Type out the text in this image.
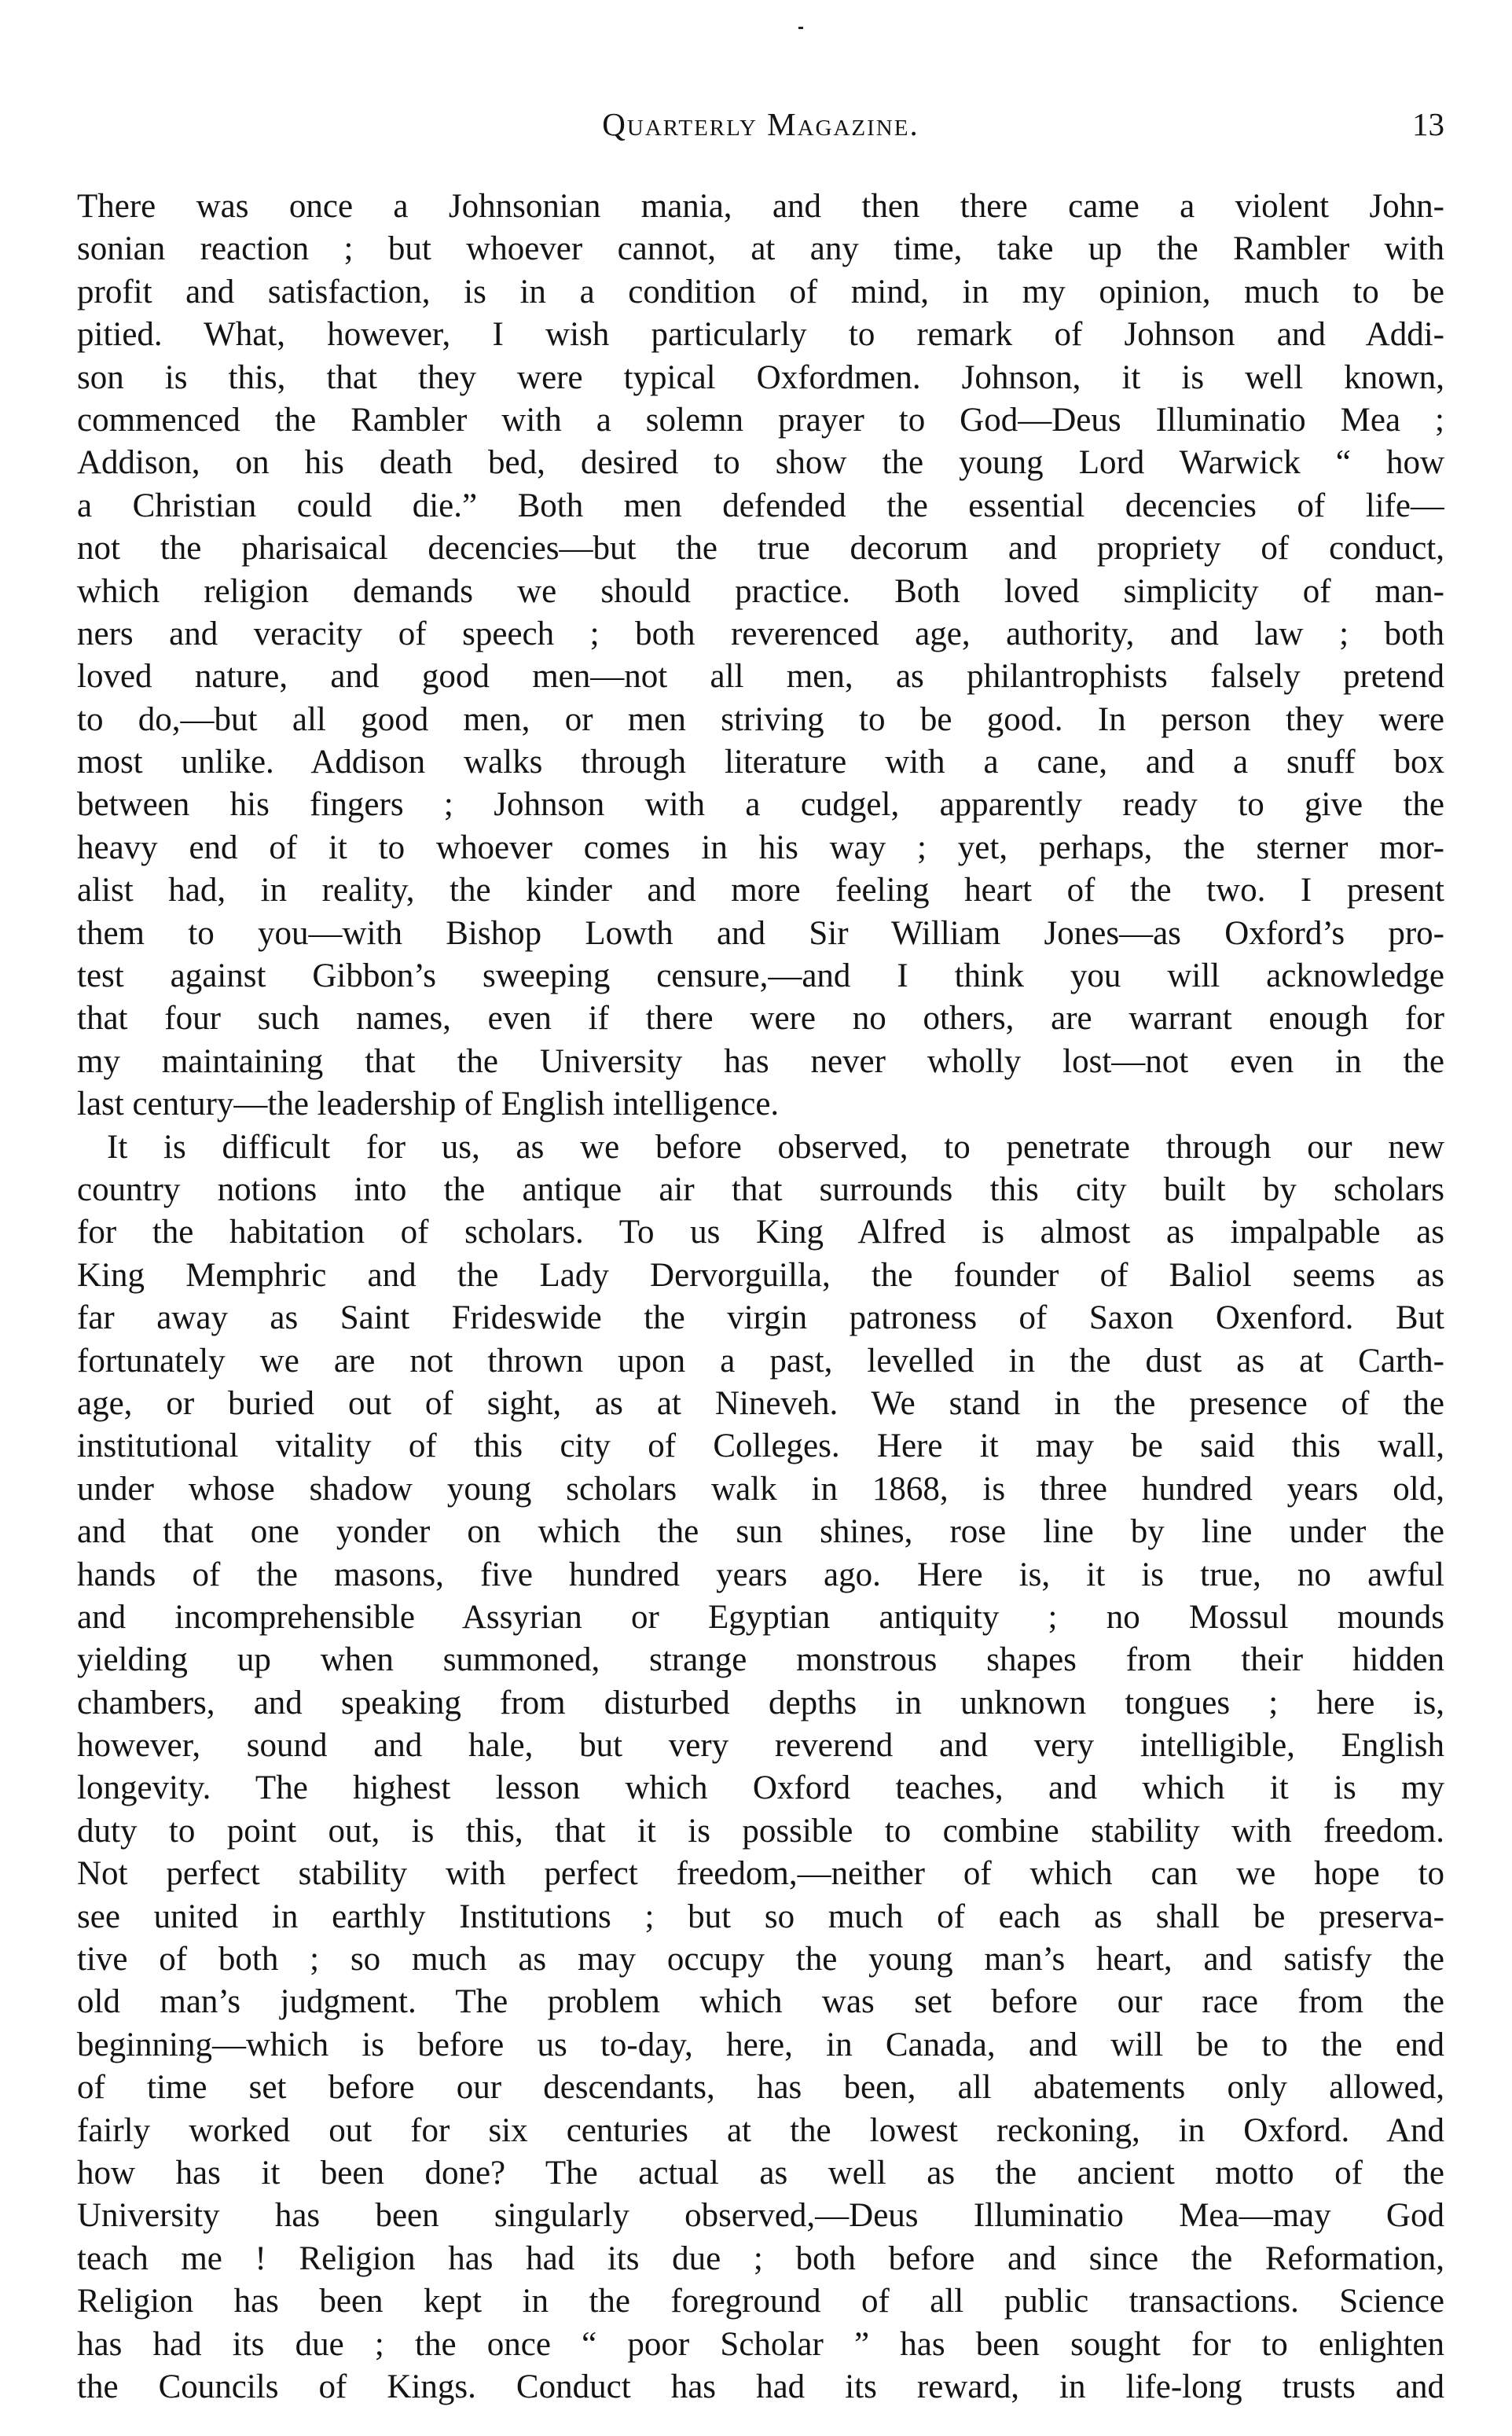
Quarterly Magazine.	13
There was once a Johnsonian mania, and then there came a violent John-
sonian reaction ; but whoever cannot, at any time, take up the Rambler with
profit and satisfaction, is in a condition of mind, in my opinion, much to be
pitied. What, however, I wish particularly to remark of Johnson and Addi-
son is this, that they were typical Oxfordmen. Johnson, it is well known,
commenced the Rambler with a solemn prayer to God—Deus Illuminatio Mea ;
Addison, on his death bed, desired to show the young Lord Warwick “ how
a Christian could die.” Both men defended the essential decencies of life—
not the pharisaical decencies—but the true decorum and propriety of conduct,
which religion demands we should practice. Both loved simplicity of man-
ners and veracity of speech ; both reverenced age, authority, and law ; both
loved nature, and good men—not all men, as philantrophists falsely pretend
to do,—but all good men, or men striving to be good. In person they were
most unlike. Addison walks through literature with a cane, and a snuff box
between his fingers ; Johnson with a cudgel, apparently ready to give the
heavy end of it to whoever comes in his way ; yet, perhaps, the sterner mor-
alist had, in reality, the kinder and more feeling heart of the two. I present
them to you—with Bishop Lowth and Sir William Jones—as Oxford’s pro-
test against Gibbon’s sweeping censure,—and I think you will acknowledge
that four such names, even if there were no others, are warrant enough for
my maintaining that the University has never wholly lost—not even in the
last century—the leadership of English intelligence.
It is difficult for us, as we before observed, to penetrate through our new
country notions into the antique air that surrounds this city built by scholars
for the habitation of scholars. To us King Alfred is almost as impalpable as
King Memphric and the Lady Dervorguilla, the founder of Baliol seems as
far away as Saint Frideswide the virgin patroness of Saxon Oxenford. But
fortunately we are not thrown upon a past, levelled in the dust as at Carth-
age, or buried out of sight, as at Nineveh. We stand in the presence of the
institutional vitality of this city of Colleges. Here it may be said this wall,
under whose shadow young scholars walk in 1868, is three hundred years old,
and that one yonder on which the sun shines, rose line by line under the
hands of the masons, five hundred years ago. Here is, it is true, no awful
and incomprehensible Assyrian or Egyptian antiquity ; no Mossul mounds
yielding up when summoned, strange monstrous shapes from their hidden
chambers, and speaking from disturbed depths in unknown tongues ; here is,
however, sound and hale, but very reverend and very intelligible, English
longevity. The highest lesson which Oxford teaches, and which it is my
duty to point out, is this, that it is possible to combine stability with freedom.
Not perfect stability with perfect freedom,—neither of which can we hope to
see united in earthly Institutions ; but so much of each as shall be preserva-
tive of both ; so much as may occupy the young man’s heart, and satisfy the
old man’s judgment. The problem which was set before our race from the
beginning—which is before us to-day, here, in Canada, and will be to the end
of time set before our descendants, has been, all abatements only allowed,
fairly worked out for six centuries at the lowest reckoning, in Oxford. And
how has it been done? The actual as well as the ancient motto of the
University has been singularly observed,—Deus Illuminatio Mea—may God
teach me ! Religion has had its due ; both before and since the Reformation,
Religion has been kept in the foreground of all public transactions. Science
has had its due ; the once “ poor Scholar ” has been sought for to enlighten
the Councils of Kings. Conduct has had its reward, in life-long trusts and
